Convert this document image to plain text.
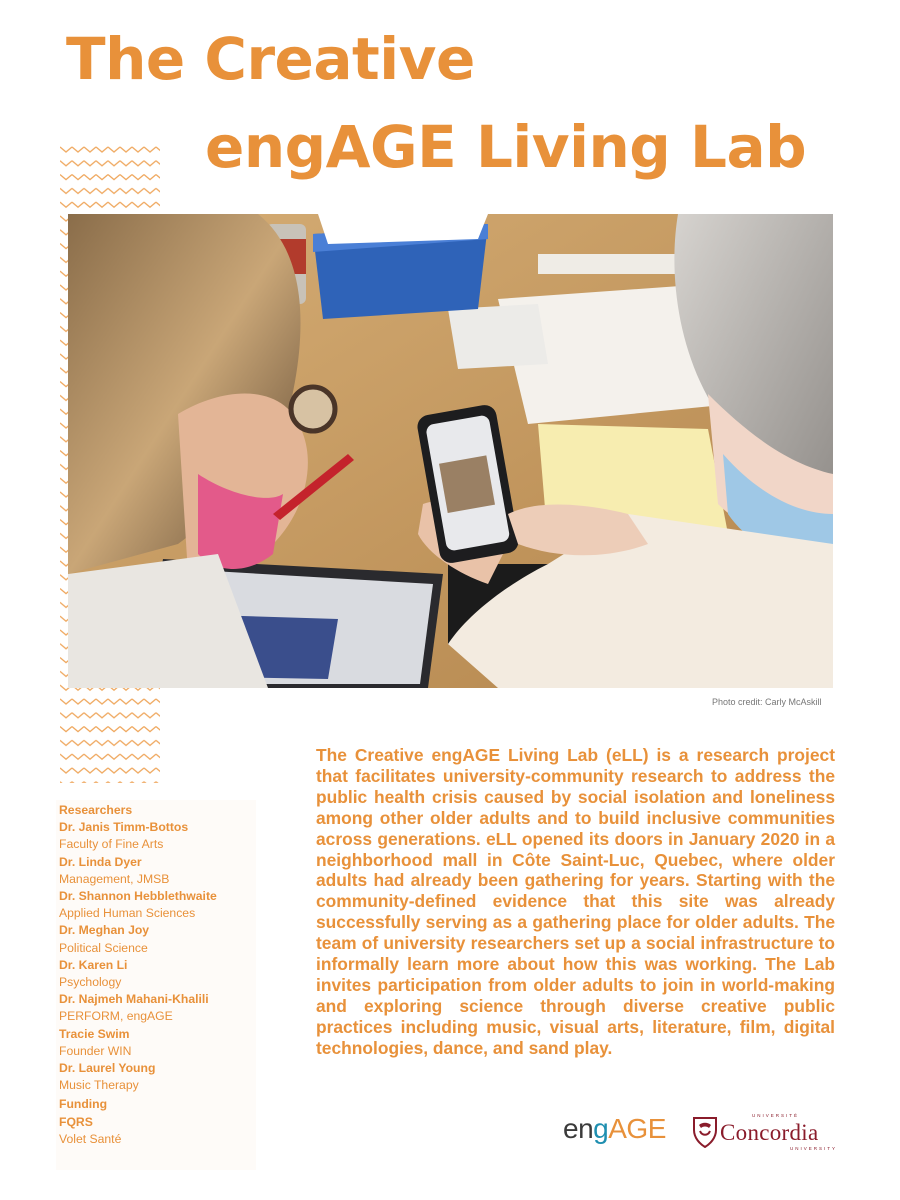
The Creative
engAGE Living Lab
Photo credit: Carly McAskill
The Creative engAGE Living Lab (eLL) is a research project that facilitates university-community research to address the public health crisis caused by social isolation and loneliness among other older adults and to build inclusive communities across generations. eLL opened its doors in January 2020 in a neighborhood mall in Côte Saint-Luc, Quebec, where older adults had already been gathering for years. Starting with the community-defined evidence that this site was already successfully serving as a gathering place for older adults. The team of university researchers set up a social infrastructure to informally learn more about how this was working. The Lab invites participation from older adults to join in world-making and exploring science through diverse creative public practices including music, visual arts, literature, film, digital technologies, dance, and sand play.
Researchers
Dr. Janis Timm-Bottos
Faculty of Fine Arts
Dr. Linda Dyer
Management, JMSB
Dr. Shannon Hebblethwaite
Applied Human Sciences
Dr. Meghan Joy
Political Science
Dr. Karen Li
Psychology
Dr. Najmeh Mahani-Khalili
PERFORM, engAGE
Tracie Swim
Founder WIN
Dr. Laurel Young
Music Therapy
Funding
FQRS
Volet Santé	engAGE	UNIVERSITÉ
Concordia
UNIVERSITY
